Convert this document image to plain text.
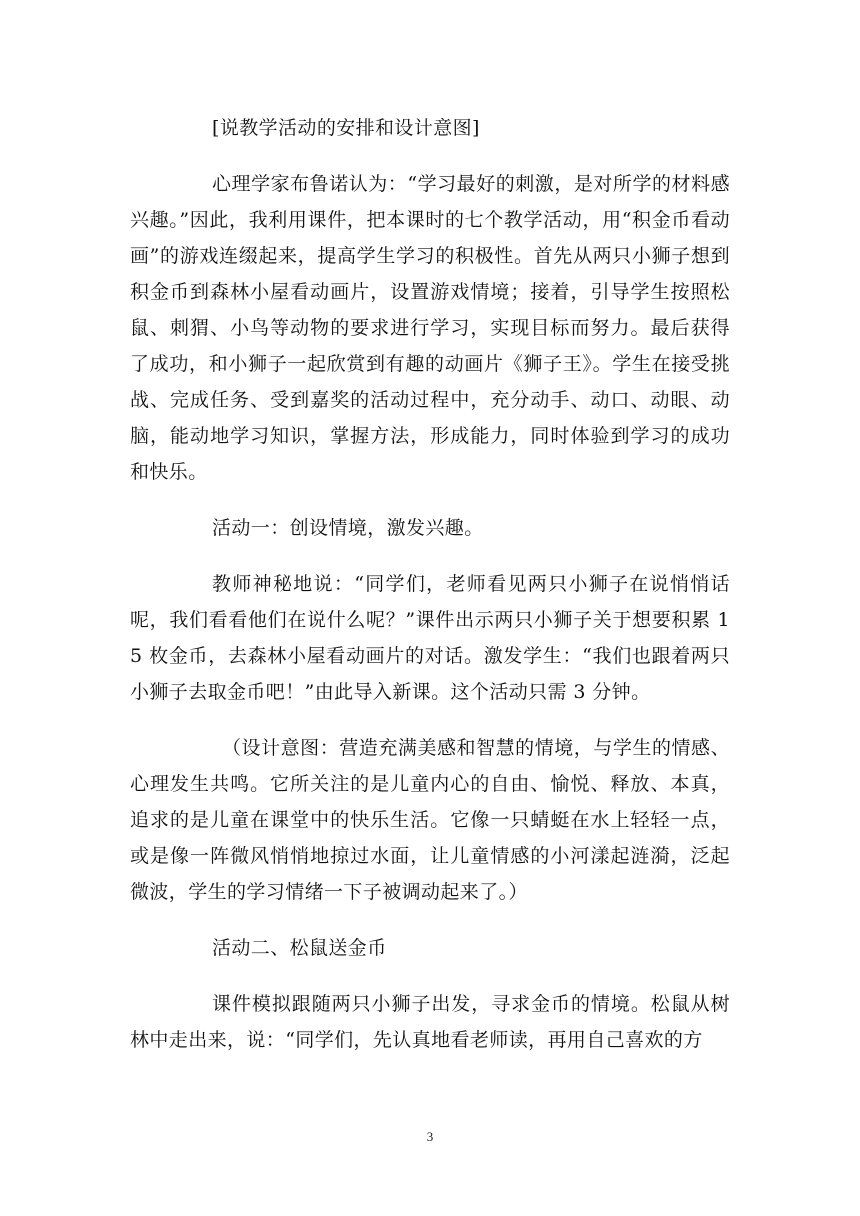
[说教学活动的安排和设计意图]

心理学家布鲁诺认为：“学习最好的刺激，是对所学的材料感兴趣。”因此，我利用课件，把本课时的七个教学活动，用“积金币看动画”的游戏连缀起来，提高学生学习的积极性。首先从两只小狮子想到积金币到森林小屋看动画片，设置游戏情境；接着，引导学生按照松鼠、刺猬、小鸟等动物的要求进行学习，实现目标而努力。最后获得了成功，和小狮子一起欣赏到有趣的动画片《狮子王》。学生在接受挑战、完成任务、受到嘉奖的活动过程中，充分动手、动口、动眼、动脑，能动地学习知识，掌握方法，形成能力，同时体验到学习的成功和快乐。

活动一：创设情境，激发兴趣。

教师神秘地说：“同学们，老师看见两只小狮子在说悄悄话呢，我们看看他们在说什么呢？”课件出示两只小狮子关于想要积累 15 枚金币，去森林小屋看动画片的对话。激发学生：“我们也跟着两只小狮子去取金币吧！”由此导入新课。这个活动只需 3 分钟。

（设计意图：营造充满美感和智慧的情境，与学生的情感、心理发生共鸣。它所关注的是儿童内心的自由、愉悦、释放、本真，追求的是儿童在课堂中的快乐生活。它像一只蜻蜓在水上轻轻一点，或是像一阵微风悄悄地掠过水面，让儿童情感的小河漾起涟漪，泛起微波，学生的学习情绪一下子被调动起来了。）

活动二、松鼠送金币

课件模拟跟随两只小狮子出发，寻求金币的情境。松鼠从树林中走出来，说：“同学们，先认真地看老师读，再用自己喜欢的方

3
